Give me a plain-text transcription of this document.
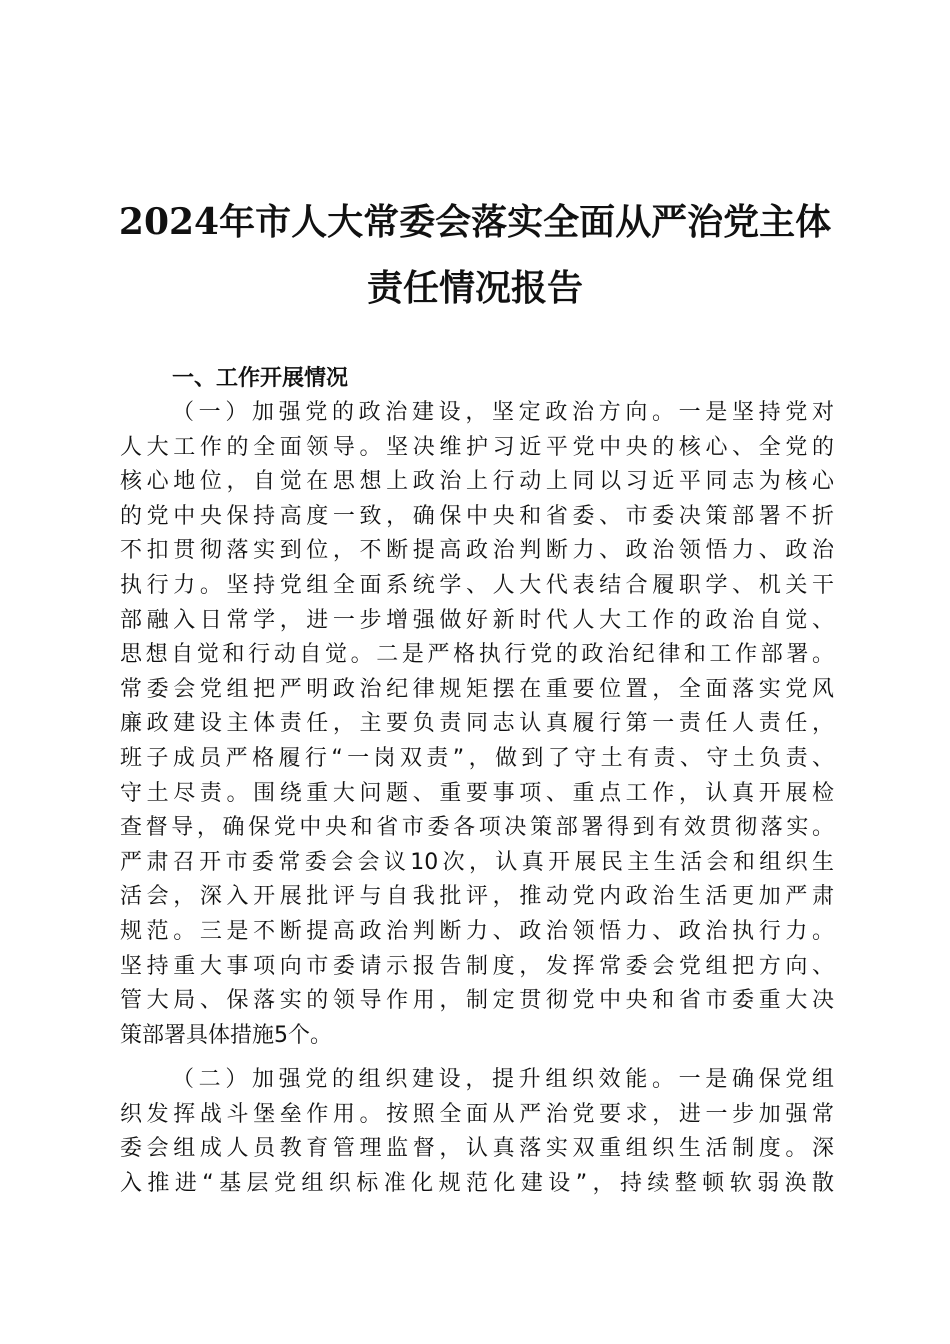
2024年市人大常委会落实全面从严治党主体
责任情况报告
一、工作开展情况
（一）加强党的政治建设，坚定政治方向。一是坚持党对
人大工作的全面领导。坚决维护习近平党中央的核心、全党的
核心地位，自觉在思想上政治上行动上同以习近平同志为核心
的党中央保持高度一致，确保中央和省委、市委决策部署不折
不扣贯彻落实到位，不断提高政治判断力、政治领悟力、政治
执行力。坚持党组全面系统学、人大代表结合履职学、机关干
部融入日常学，进一步增强做好新时代人大工作的政治自觉、
思想自觉和行动自觉。二是严格执行党的政治纪律和工作部署。
常委会党组把严明政治纪律规矩摆在重要位置，全面落实党风
廉政建设主体责任，主要负责同志认真履行第一责任人责任，
班子成员严格履行“一岗双责”，做到了守土有责、守土负责、
守土尽责。围绕重大问题、重要事项、重点工作，认真开展检
查督导，确保党中央和省市委各项决策部署得到有效贯彻落实。
严肃召开市委常委会会议10次，认真开展民主生活会和组织生
活会，深入开展批评与自我批评，推动党内政治生活更加严肃
规范。三是不断提高政治判断力、政治领悟力、政治执行力。
坚持重大事项向市委请示报告制度，发挥常委会党组把方向、
管大局、保落实的领导作用，制定贯彻党中央和省市委重大决
策部署具体措施5个。
（二）加强党的组织建设，提升组织效能。一是确保党组
织发挥战斗堡垒作用。按照全面从严治党要求，进一步加强常
委会组成人员教育管理监督，认真落实双重组织生活制度。深
入推进“基层党组织标准化规范化建设”，持续整顿软弱涣散
